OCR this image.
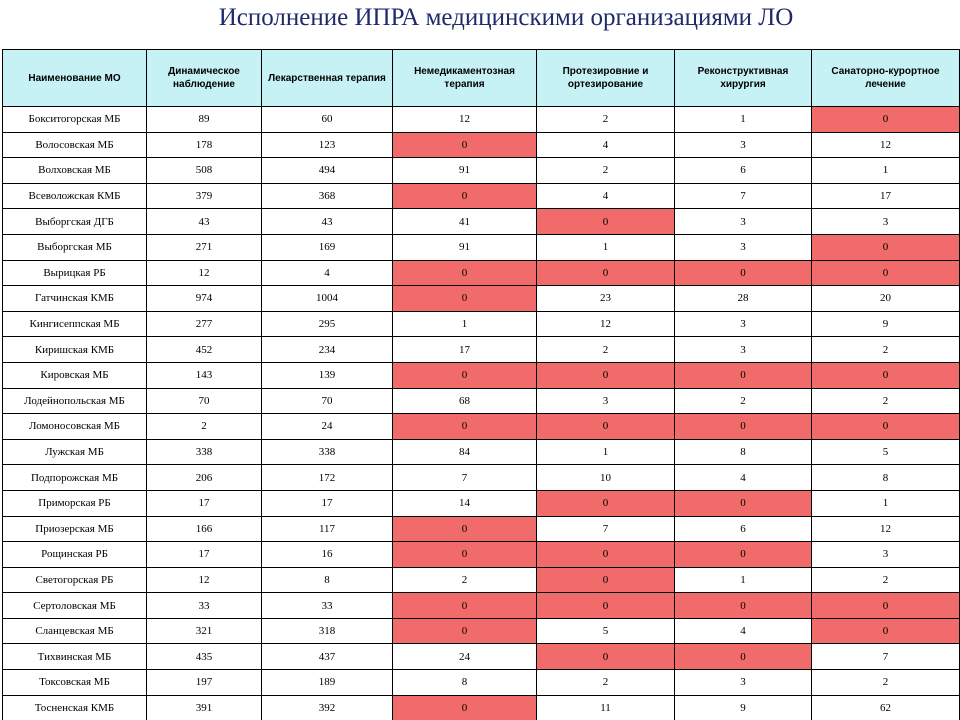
Исполнение ИПРА медицинскими организациями ЛО
Наименование МО	Динамическое наблюдение	Лекарственная терапия	Немедикаментозная терапия	Протезировние и ортезирование	Реконструктивная хирургия	Санаторно-курортное лечение
Бокситогорская МБ	89	60	12	2	1	0
Волосовская МБ	178	123	0	4	3	12
Волховская МБ	508	494	91	2	6	1
Всеволожская КМБ	379	368	0	4	7	17
Выборгская ДГБ	43	43	41	0	3	3
Выборгская МБ	271	169	91	1	3	0
Вырицкая РБ	12	4	0	0	0	0
Гатчинская КМБ	974	1004	0	23	28	20
Кингисеппская МБ	277	295	1	12	3	9
Киришская КМБ	452	234	17	2	3	2
Кировская МБ	143	139	0	0	0	0
Лодейнопольская МБ	70	70	68	3	2	2
Ломоносовская МБ	2	24	0	0	0	0
Лужская МБ	338	338	84	1	8	5
Подпорожская МБ	206	172	7	10	4	8
Приморская РБ	17	17	14	0	0	1
Приозерская МБ	166	117	0	7	6	12
Рощинская РБ	17	16	0	0	0	3
Светогорская РБ	12	8	2	0	1	2
Сертоловская МБ	33	33	0	0	0	0
Сланцевская МБ	321	318	0	5	4	0
Тихвинская МБ	435	437	24	0	0	7
Токсовская МБ	197	189	8	2	3	2
Тосненская КМБ	391	392	0	11	9	62
